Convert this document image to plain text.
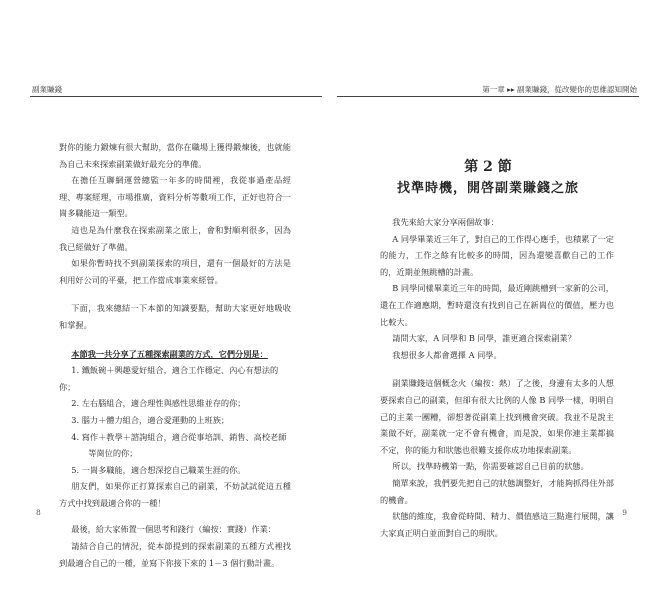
副業賺錢

對你的能力鍛煉有很大幫助，當你在職場上獲得鍛煉後，也就能為自己未來探索副業做好最充分的準備。

在擔任互聯網運營總監一年多的時間裡，我從事過產品經理、專案經理，市場推廣，資料分析等數項工作，正好也符合一崗多職能這一類型。

這也是為什麼我在探索副業之旅上，會和對順利很多，因為我已經做好了準備。

如果你暫時找不到副業探索的項目，還有一個最好的方法是利用好公司的平臺，把工作當成事業來經營。

下面，我來總結一下本節的知識要點，幫助大家更好地吸收和掌握。

本節我一共分享了五種探索副業的方式，它們分別是：

1. 鐵飯碗＋興趣愛好組合，適合工作穩定、內心有想法的你；

2. 左右腦組合，適合理性與感性思維並存的你；

3. 腦力＋體力組合，適合愛運動的上班族；

4. 寫作＋教學＋諮詢組合，適合從事培訓、銷售、高校老師

等崗位的你；

5. 一崗多職能，適合想深挖自己職業生涯的你。

朋友們，如果你正打算探索自己的副業，不妨試試從這五種方式中找到最適合你的一種！

最後，給大家佈置一個思考和踐行（編按：實踐）作業：

請結合自己的情況，從本節提到的探索副業的五種方式裡找到最適合自己的一種，並寫下你接下來的 1－3 個行動計畫。

8
第一章 ▸▸ 副業賺錢，從改變你的思維認知開始
第 2 節
找準時機，開啓副業賺錢之旅

我先來給大家分享兩個故事：

A 同學畢業近三年了，對自己的工作得心應手，也積累了一定的能力，工作之餘有比較多的時間，因為還變喜歡自己的工作的，近期並無跳槽的計畫。

B 同學同樣畢業近三年的時間，最近剛跳槽到一家新的公司，還在工作適應期，暫時還沒有找到自己在新崗位的價值，壓力也比較大。

請問大家，A 同學和 B 同學，誰更適合探索副業？

我想很多人都會選擇 A 同學。

副業賺錢這個概念火（編按：熱）了之後，身邊有太多的人想要探索自己的副業，但卻有很大比例的人像 B 同學一樣，明明自己的主業一團糟，卻想著從副業上找到機會突破。我並不是說主業做不好，副業就一定不會有機會，而是說，如果你連主業都搞不定，你的能力和狀態也很難支援你成功地探索副業。

所以，找準時機第一點，你需要確認自己目前的狀態。

簡單來說，我們要先把自己的狀態調整好，才能夠抓得住外部的機會。

狀態的維度，我會從時間、精力、價值感這三點進行展開，讓大家真正明白並面對自己的現狀。

9
